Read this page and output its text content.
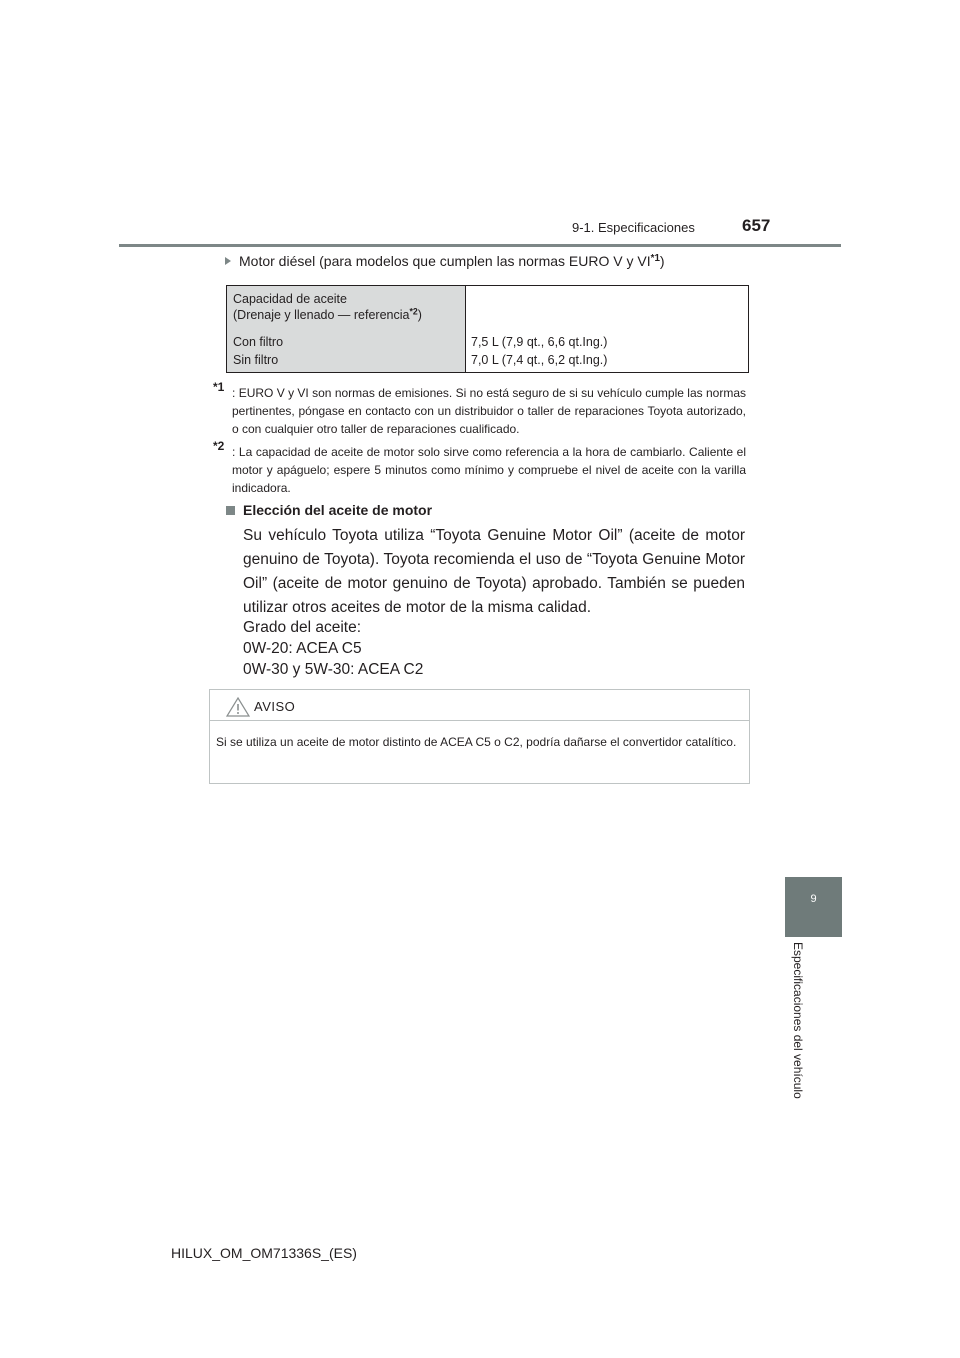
9-1. Especificaciones	657
9
Especificaciones del vehículo
Motor diésel (para modelos que cumplen las normas EURO V y VI$^{*1}$)
Capacidad de aceite
(Drenaje y llenado — referencia$^{*2}$)
Con filtro
Sin filtro
7,5 L (7,9 qt., 6,6 qt.Ing.)
7,0 L (7,4 qt., 6,2 qt.Ing.)
*1 : EURO V y VI son normas de emisiones. Si no está seguro de si su vehículo cumple las normas pertinentes, póngase en contacto con un distribuidor o taller de reparaciones Toyota autorizado, o con cualquier otro taller de reparaciones cualificado.
*2 : La capacidad de aceite de motor solo sirve como referencia a la hora de cambiarlo. Caliente el motor y apáguelo; espere 5 minutos como mínimo y compruebe el nivel de aceite con la varilla indicadora.
Elección del aceite de motor
Su vehículo Toyota utiliza “Toyota Genuine Motor Oil” (aceite de motor genuino de Toyota). Toyota recomienda el uso de “Toyota Genuine Motor Oil” (aceite de motor genuino de Toyota) aprobado. También se pueden utilizar otros aceites de motor de la misma calidad.
Grado del aceite:
0W-20: ACEA C5
0W-30 y 5W-30: ACEA C2
AVISO
Si se utiliza un aceite de motor distinto de ACEA C5 o C2, podría dañarse el convertidor catalítico.
HILUX_OM_OM71336S_(ES)
